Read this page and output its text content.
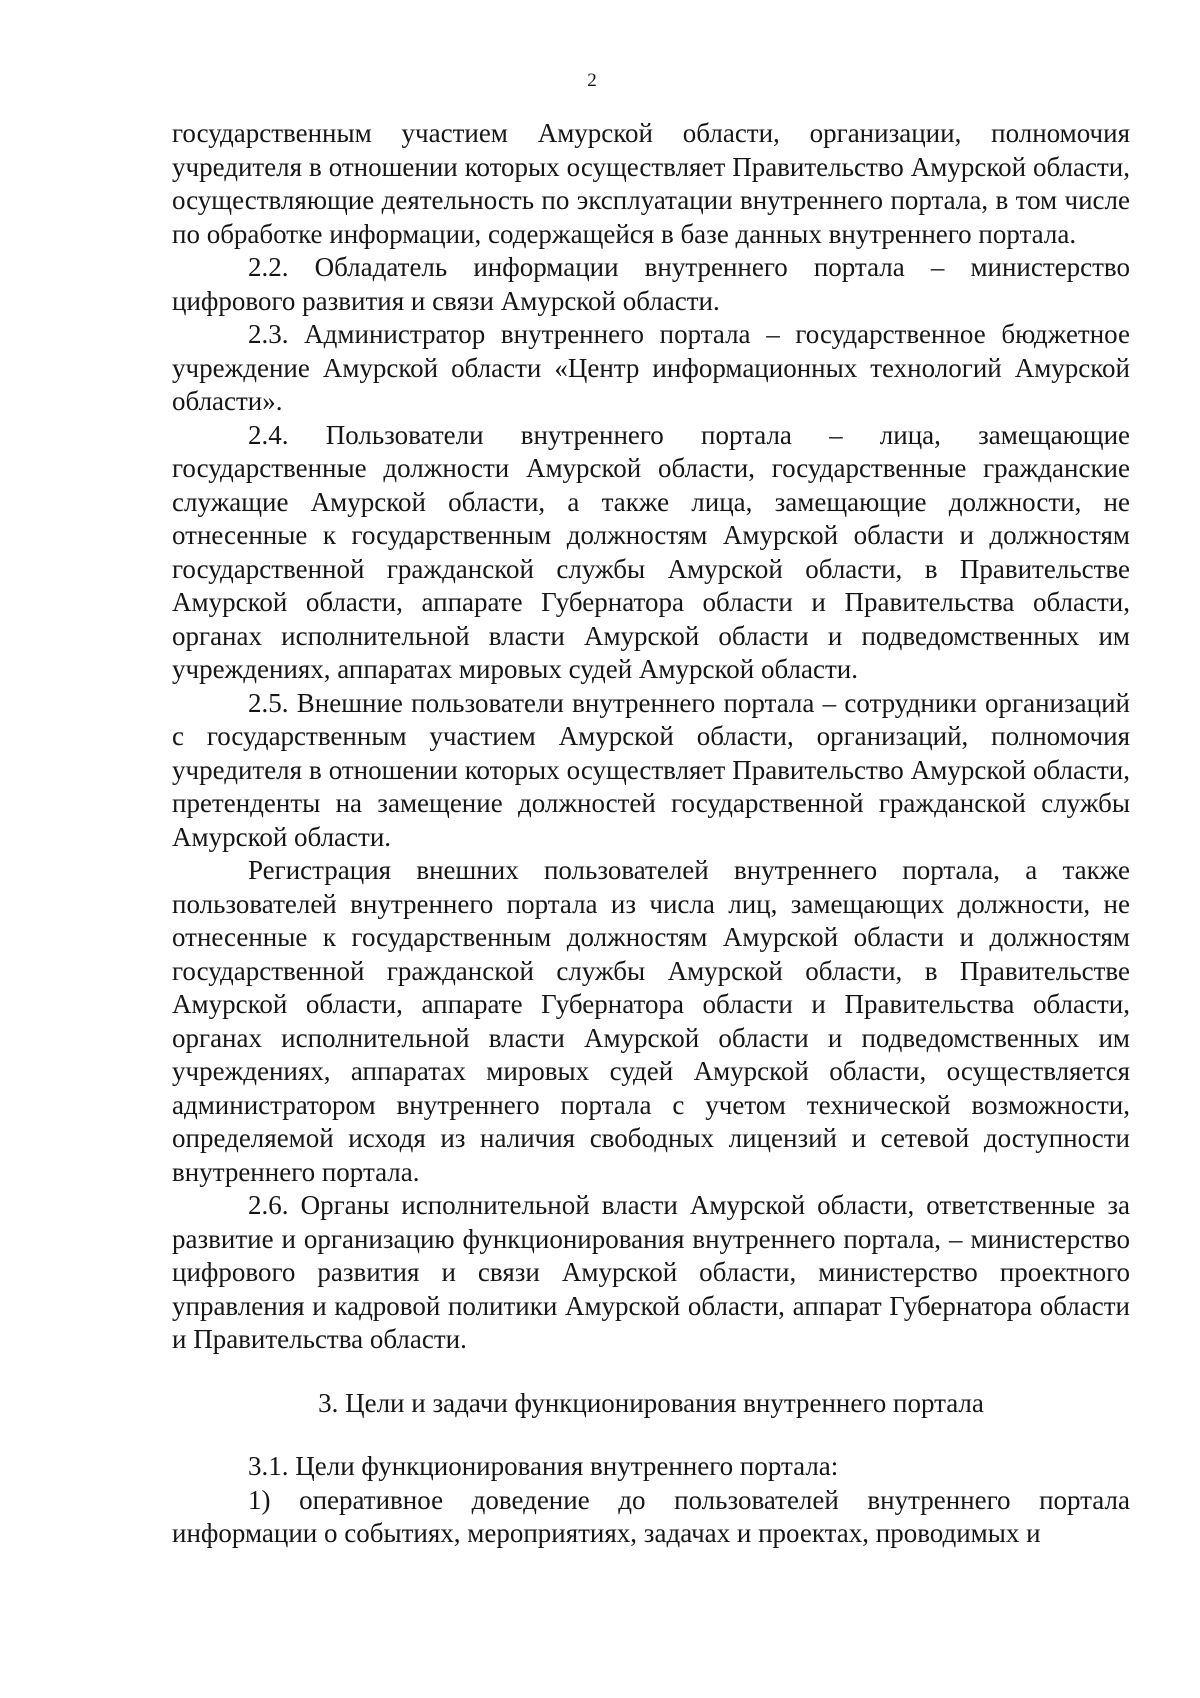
2

государственным участием Амурской области, организации, полномочия учредителя в отношении которых осуществляет Правительство Амурской области, осуществляющие деятельность по эксплуатации внутреннего портала, в том числе по обработке информации, содержащейся в базе данных внутреннего портала.

2.2. Обладатель информации внутреннего портала – министерство цифрового развития и связи Амурской области.

2.3. Администратор внутреннего портала – государственное бюджетное учреждение Амурской области «Центр информационных технологий Амурской области».

2.4. Пользователи внутреннего портала – лица, замещающие государственные должности Амурской области, государственные гражданские служащие Амурской области, а также лица, замещающие должности, не отнесенные к государственным должностям Амурской области и должностям государственной гражданской службы Амурской области, в Правительстве Амурской области, аппарате Губернатора области и Правительства области, органах исполнительной власти Амурской области и подведомственных им учреждениях, аппаратах мировых судей Амурской области.

2.5. Внешние пользователи внутреннего портала – сотрудники организаций с государственным участием Амурской области, организаций, полномочия учредителя в отношении которых осуществляет Правительство Амурской области, претенденты на замещение должностей государственной гражданской службы Амурской области.

Регистрация внешних пользователей внутреннего портала, а также пользователей внутреннего портала из числа лиц, замещающих должности, не отнесенные к государственным должностям Амурской области и должностям государственной гражданской службы Амурской области, в Правительстве Амурской области, аппарате Губернатора области и Правительства области, органах исполнительной власти Амурской области и подведомственных им учреждениях, аппаратах мировых судей Амурской области, осуществляется администратором внутреннего портала с учетом технической возможности, определяемой исходя из наличия свободных лицензий и сетевой доступности внутреннего портала.

2.6. Органы исполнительной власти Амурской области, ответственные за развитие и организацию функционирования внутреннего портала, – министерство цифрового развития и связи Амурской области, министерство проектного управления и кадровой политики Амурской области, аппарат Губернатора области и Правительства области.

3. Цели и задачи функционирования внутреннего портала

3.1. Цели функционирования внутреннего портала:

1) оперативное доведение до пользователей внутреннего портала информации о событиях, мероприятиях, задачах и проектах, проводимых и
